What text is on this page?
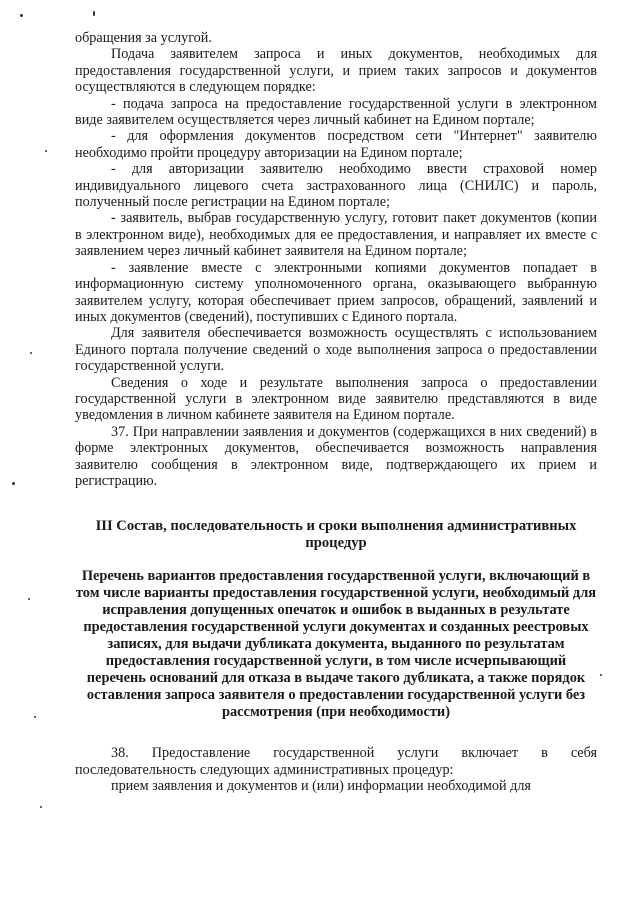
обращения за услугой.

Подача заявителем запроса и иных документов, необходимых для предоставления государственной услуги, и прием таких запросов и документов осуществляются в следующем порядке:

- подача запроса на предоставление государственной услуги в электронном виде заявителем осуществляется через личный кабинет на Едином портале;

- для оформления документов посредством сети "Интернет" заявителю необходимо пройти процедуру авторизации на Едином портале;

- для авторизации заявителю необходимо ввести страховой номер индивидуального лицевого счета застрахованного лица (СНИЛС) и пароль, полученный после регистрации на Едином портале;

- заявитель, выбрав государственную услугу, готовит пакет документов (копии в электронном виде), необходимых для ее предоставления, и направляет их вместе с заявлением через личный кабинет заявителя на Едином портале;

- заявление вместе с электронными копиями документов попадает в информационную систему уполномоченного органа, оказывающего выбранную заявителем услугу, которая обеспечивает прием запросов, обращений, заявлений и иных документов (сведений), поступивших с Единого портала.

Для заявителя обеспечивается возможность осуществлять с использованием Единого портала получение сведений о ходе выполнения запроса о предоставлении государственной услуги.

Сведения о ходе и результате выполнения запроса о предоставлении государственной услуги в электронном виде заявителю представляются в виде уведомления в личном кабинете заявителя на Едином портале.

37. При направлении заявления и документов (содержащихся в них сведений) в форме электронных документов, обеспечивается возможность направления заявителю сообщения в электронном виде, подтверждающего их прием и регистрацию.

III Состав, последовательность и сроки выполнения административных процедур

Перечень вариантов предоставления государственной услуги, включающий в том числе варианты предоставления государственной услуги, необходимый для исправления допущенных опечаток и ошибок в выданных в результате предоставления государственной услуги документах и созданных реестровых записях, для выдачи дубликата документа, выданного по результатам предоставления государственной услуги, в том числе исчерпывающий перечень оснований для отказа в выдаче такого дубликата, а также порядок оставления запроса заявителя о предоставлении государственной услуги без рассмотрения (при необходимости)

38. Предоставление государственной услуги включает в себя последовательность следующих административных процедур:

прием заявления и документов и (или) информации необходимой для
